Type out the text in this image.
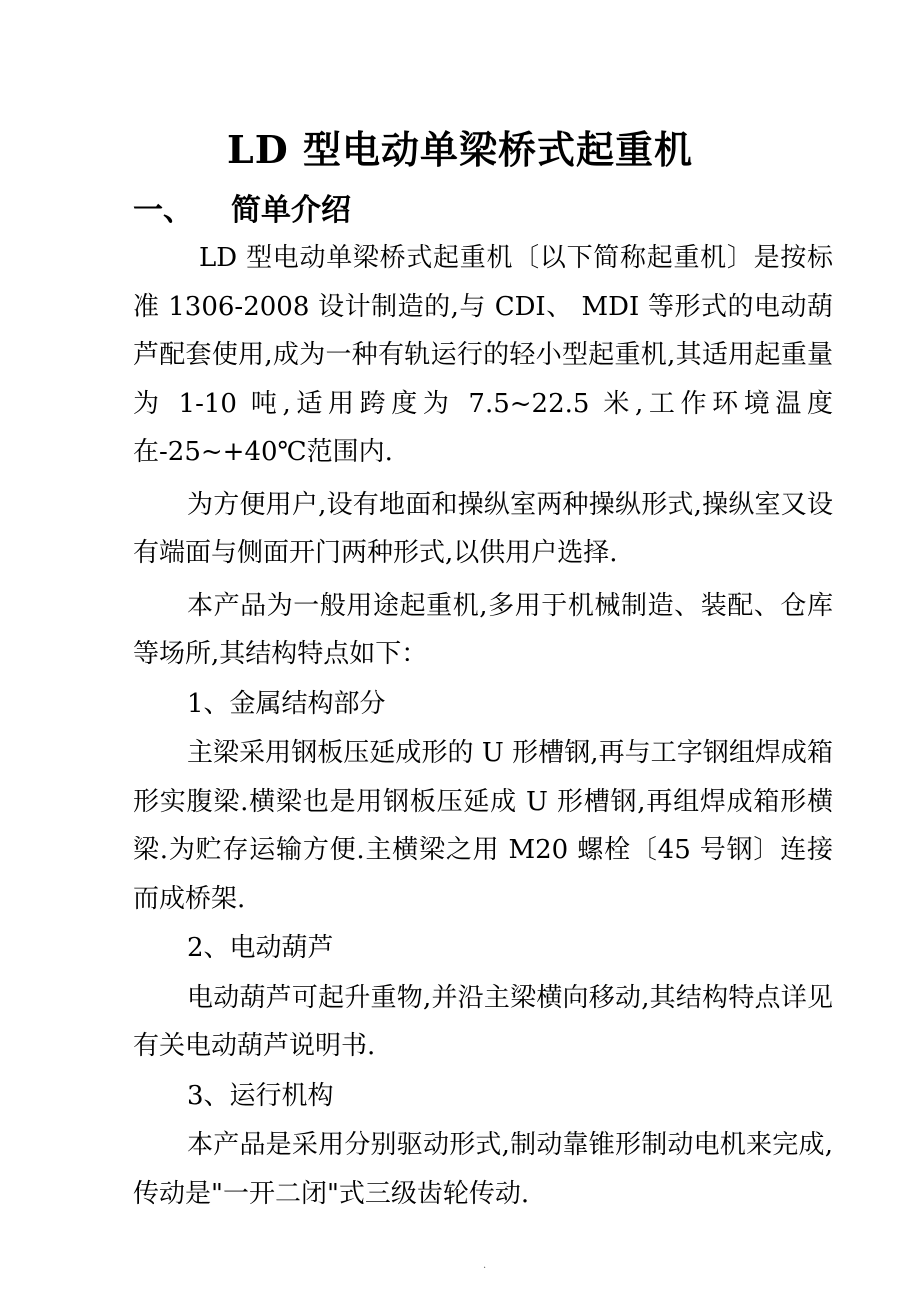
LD 型电动单梁桥式起重机
一、 简单介绍

LD 型电动单梁桥式起重机〔以下简称起重机〕是按标准 1306-2008 设计制造的,与 CDI、 MDI 等形式的电动葫芦配套使用,成为一种有轨运行的轻小型起重机,其适用起重量为 1-10 吨,适用跨度为 7.5~22.5 米,工作环境温度在-25~+40℃范围内.

为方便用户,设有地面和操纵室两种操纵形式,操纵室又设有端面与侧面开门两种形式,以供用户选择.

本产品为一般用途起重机,多用于机械制造、装配、仓库等场所,其结构特点如下：

1、金属结构部分

主梁采用钢板压延成形的 U 形槽钢,再与工字钢组焊成箱形实腹梁.横梁也是用钢板压延成 U 形槽钢,再组焊成箱形横梁.为贮存运输方便.主横梁之用 M20 螺栓〔45 号钢〕连接而成桥架.

2、电动葫芦

电动葫芦可起升重物,并沿主梁横向移动,其结构特点详见有关电动葫芦说明书.

3、运行机构

本产品是采用分别驱动形式,制动靠锥形制动电机来完成,传动是"一开二闭"式三级齿轮传动.

.
